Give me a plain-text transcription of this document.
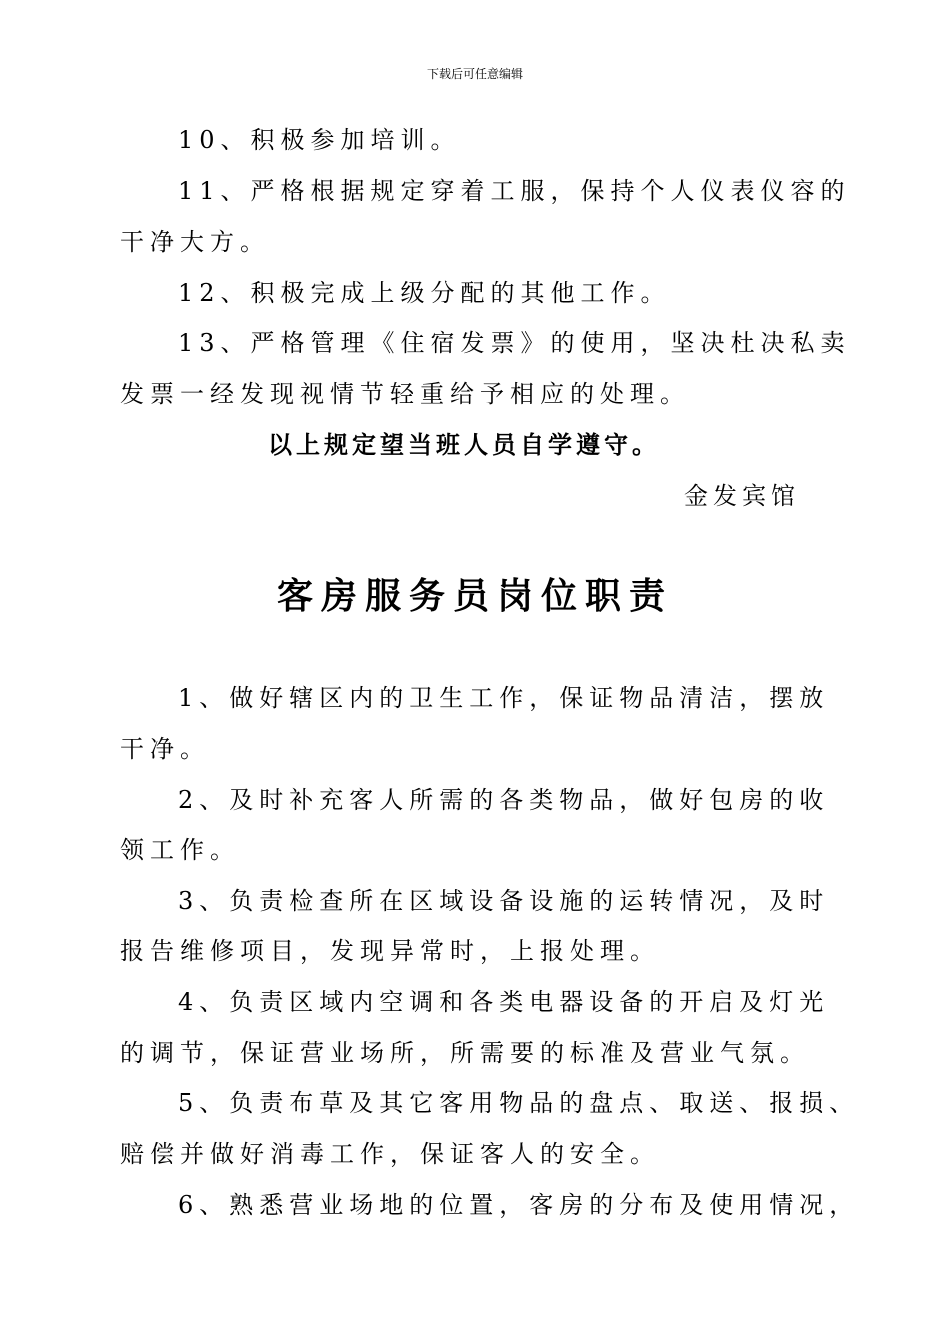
下载后可任意编辑
10、积极参加培训。
11、严格根据规定穿着工服，保持个人仪表仪容的
干净大方。
12、积极完成上级分配的其他工作。
13、严格管理《住宿发票》的使用，坚决杜决私卖
发票一经发现视情节轻重给予相应的处理。
以上规定望当班人员自学遵守。
金发宾馆
客房服务员岗位职责
1、做好辖区内的卫生工作，保证物品清洁，摆放
干净。
2、及时补充客人所需的各类物品，做好包房的收
领工作。
3、负责检查所在区域设备设施的运转情况，及时
报告维修项目，发现异常时，上报处理。
4、负责区域内空调和各类电器设备的开启及灯光
的调节，保证营业场所，所需要的标准及营业气氛。
5、负责布草及其它客用物品的盘点、取送、报损、
赔偿并做好消毒工作，保证客人的安全。
6、熟悉营业场地的位置，客房的分布及使用情况，
